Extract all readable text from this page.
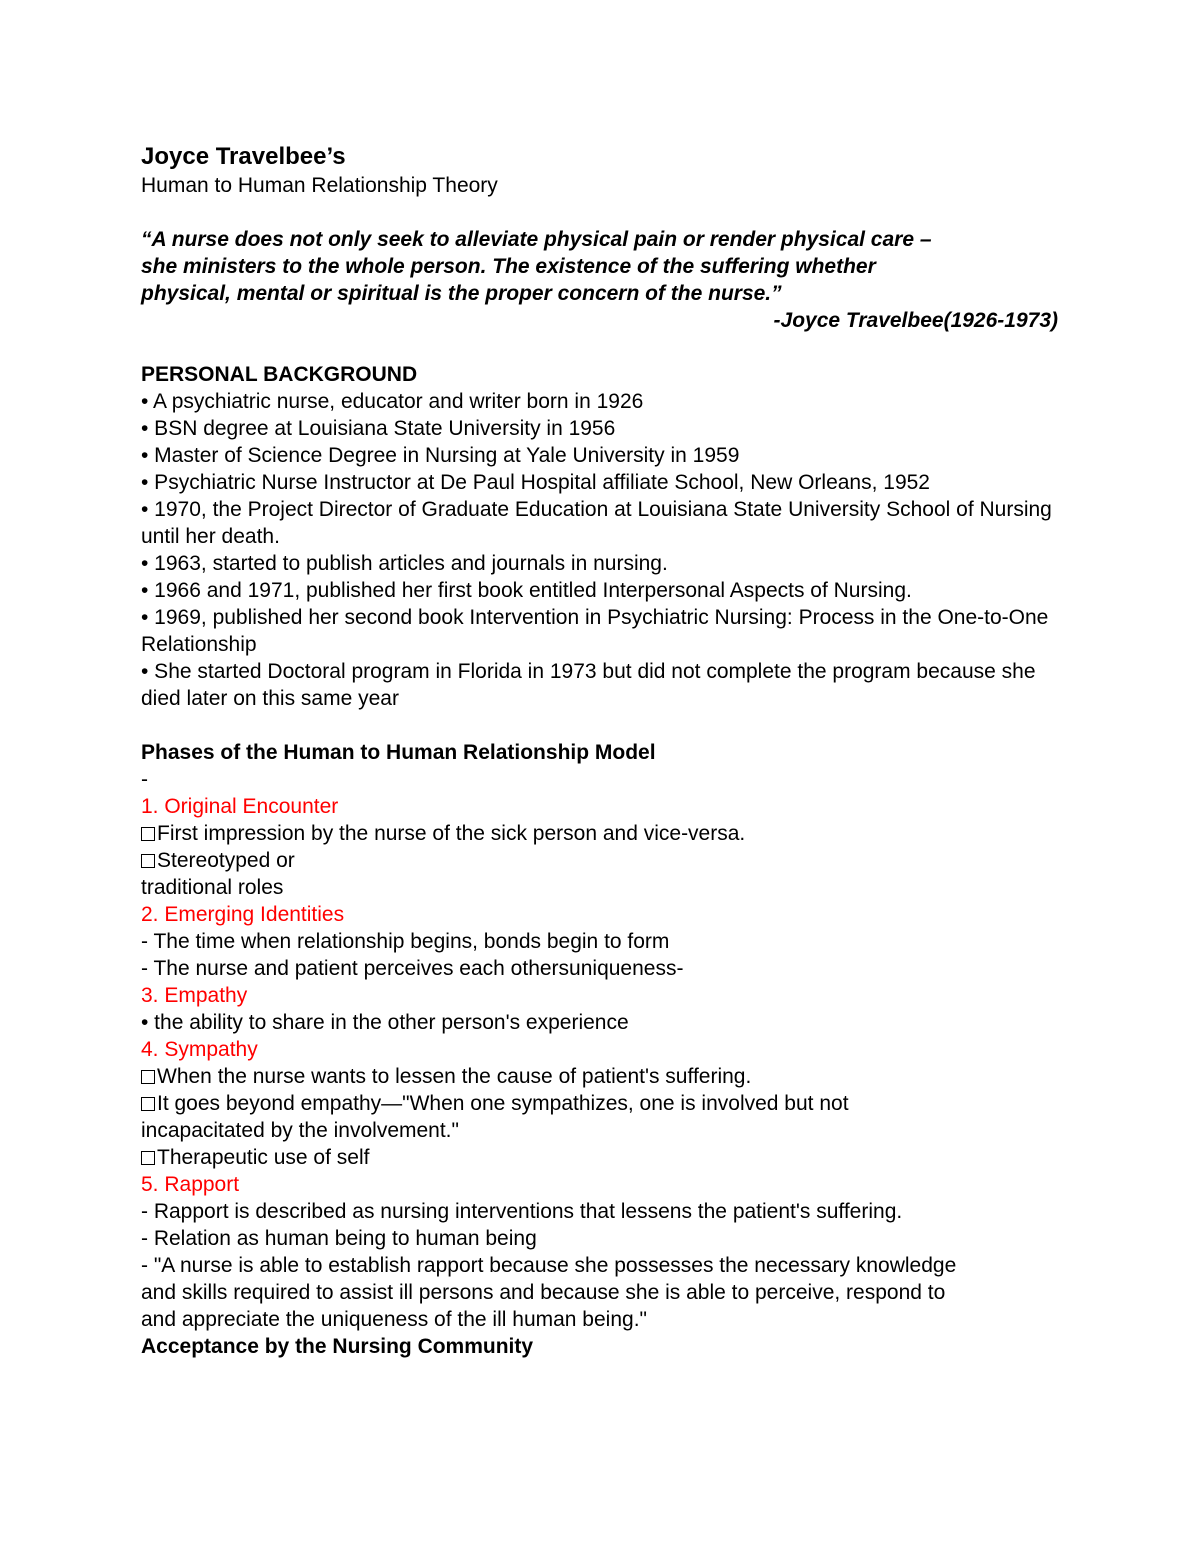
Joyce Travelbee’s
Human to Human Relationship Theory
“A nurse does not only seek to alleviate physical pain or render physical care –
she ministers to the whole person. The existence of the suffering whether
physical, mental or spiritual is the proper concern of the nurse.”
-Joyce Travelbee(1926-1973)
PERSONAL BACKGROUND
• A psychiatric nurse, educator and writer born in 1926
• BSN degree at Louisiana State University in 1956
• Master of Science Degree in Nursing at Yale University in 1959
• Psychiatric Nurse Instructor at De Paul Hospital affiliate School, New Orleans, 1952
• 1970, the Project Director of Graduate Education at Louisiana State University School of Nursing until her death.
• 1963, started to publish articles and journals in nursing.
• 1966 and 1971, published her first book entitled Interpersonal Aspects of Nursing.
• 1969, published her second book Intervention in Psychiatric Nursing: Process in the One-to-One Relationship
• She started Doctoral program in Florida in 1973 but did not complete the program because she died later on this same year
Phases of the Human to Human Relationship Model
-
1. Original Encounter
First impression by the nurse of the sick person and vice-versa.
Stereotyped or
traditional roles
2. Emerging Identities
- The time when relationship begins, bonds begin to form
- The nurse and patient perceives each othersuniqueness-
3. Empathy
• the ability to share in the other person's experience
4. Sympathy
When the nurse wants to lessen the cause of patient's suffering.
It goes beyond empathy—"When one sympathizes, one is involved but not
incapacitated by the involvement."
Therapeutic use of self
5. Rapport
- Rapport is described as nursing interventions that lessens the patient's suffering.
- Relation as human being to human being
- "A nurse is able to establish rapport because she possesses the necessary knowledge
and skills required to assist ill persons and because she is able to perceive, respond to
and appreciate the uniqueness of the ill human being."
Acceptance by the Nursing Community
